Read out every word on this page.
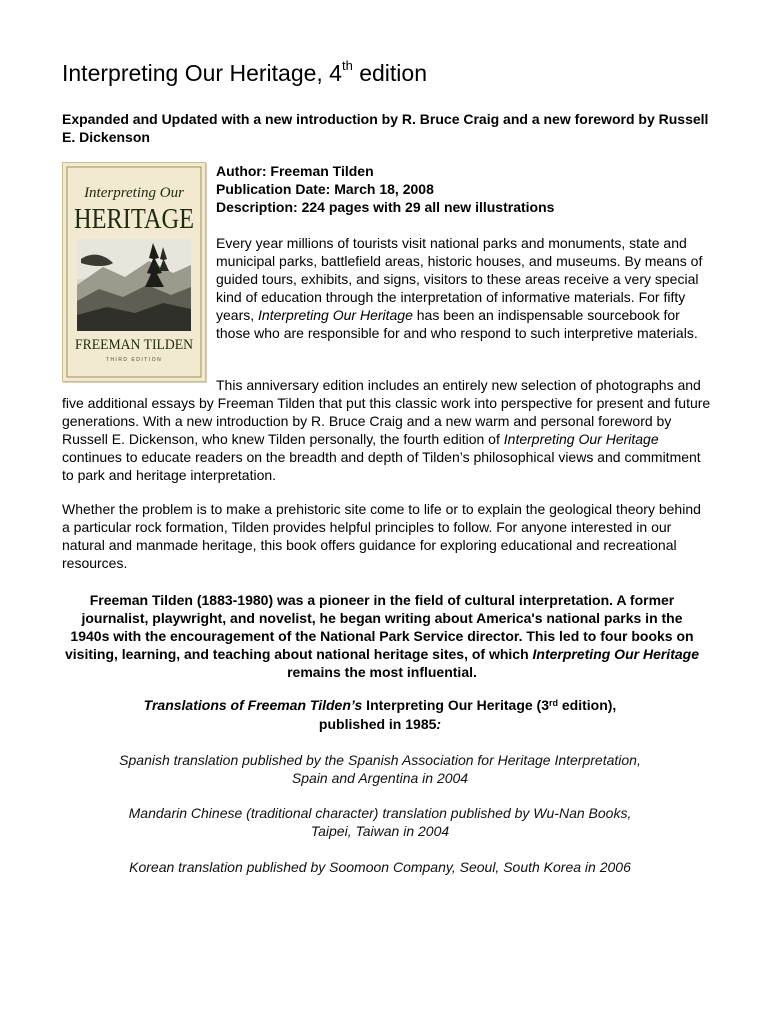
Interpreting Our Heritage, 4th edition

Expanded and Updated with a new introduction by R. Bruce Craig and a new foreword by Russell E. Dickenson

Interpreting Our
HERITAGE
FREEMAN TILDEN
THIRD EDITION
Author: Freeman Tilden
Publication Date: March 18, 2008
Description: 224 pages with 29 all new illustrations

Every year millions of tourists visit national parks and monuments, state and municipal parks, battlefield areas, historic houses, and museums. By means of guided tours, exhibits, and signs, visitors to these areas receive a very special kind of education through the interpretation of informative materials. For fifty years, Interpreting Our Heritage has been an indispensable sourcebook for those who are responsible for and who respond to such interpretive materials.

This anniversary edition includes an entirely new selection of photographs and five additional essays by Freeman Tilden that put this classic work into perspective for present and future generations. With a new introduction by R. Bruce Craig and a new warm and personal foreword by Russell E. Dickenson, who knew Tilden personally, the fourth edition of Interpreting Our Heritage continues to educate readers on the breadth and depth of Tilden’s philosophical views and commitment to park and heritage interpretation.

Whether the problem is to make a prehistoric site come to life or to explain the geological theory behind a particular rock formation, Tilden provides helpful principles to follow. For anyone interested in our natural and manmade heritage, this book offers guidance for exploring educational and recreational resources.

Freeman Tilden (1883-1980) was a pioneer in the field of cultural interpretation. A former journalist, playwright, and novelist, he began writing about America's national parks in the 1940s with the encouragement of the National Park Service director. This led to four books on visiting, learning, and teaching about national heritage sites, of which Interpreting Our Heritage remains the most influential.

Translations of Freeman Tilden’s Interpreting Our Heritage (3rd edition),
published in 1985:

Spanish translation published by the Spanish Association for Heritage Interpretation,
Spain and Argentina in 2004

Mandarin Chinese (traditional character) translation published by Wu-Nan Books,
Taipei, Taiwan in 2004

Korean translation published by Soomoon Company, Seoul, South Korea in 2006
